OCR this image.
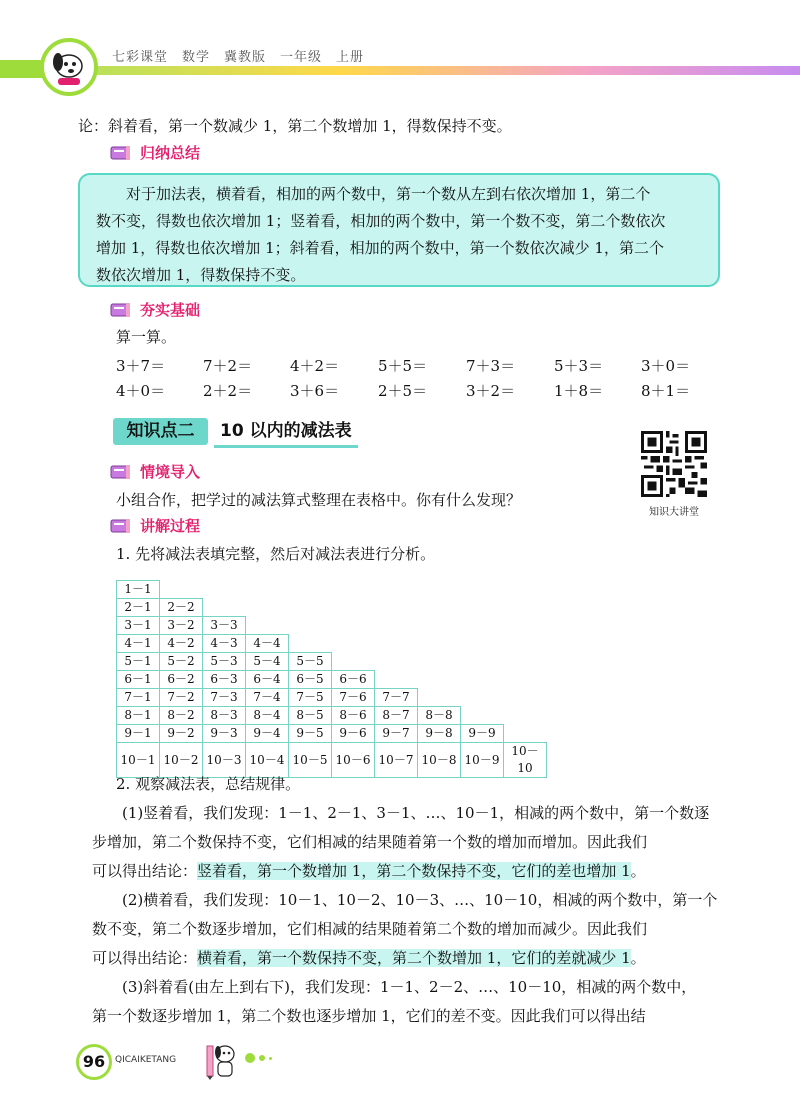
七彩课堂　数学　冀教版　一年级　上册
论：斜着看，第一个数减少 1，第二个数增加 1，得数保持不变。
归纳总结
对于加法表，横着看，相加的两个数中，第一个数从左到右依次增加 1，第二个
数不变，得数也依次增加 1；竖着看，相加的两个数中，第一个数不变，第二个数依次
增加 1，得数也依次增加 1；斜着看，相加的两个数中，第一个数依次减少 1，第二个
数依次增加 1，得数保持不变。
夯实基础
算一算。
3＋7＝	7＋2＝	4＋2＝	5＋5＝	7＋3＝	5＋3＝	3＋0＝
4＋0＝	2＋2＝	3＋6＝	2＋5＝	3＋2＝	1＋8＝	8＋1＝
知识点二	10 以内的减法表
知识大讲堂
情境导入
小组合作，把学过的减法算式整理在表格中。你有什么发现？
讲解过程
1. 先将减法表填完整，然后对减法表进行分析。
1－1									
2－1	2－2								
3－1	3－2	3－3							
4－1	4－2	4－3	4－4						
5－1	5－2	5－3	5－4	5－5					
6－1	6－2	6－3	6－4	6－5	6－6				
7－1	7－2	7－3	7－4	7－5	7－6	7－7			
8－1	8－2	8－3	8－4	8－5	8－6	8－7	8－8		
9－1	9－2	9－3	9－4	9－5	9－6	9－7	9－8	9－9	
10－1	10－2	10－3	10－4	10－5	10－6	10－7	10－8	10－9	10－10
2. 观察减法表，总结规律。
(1)竖着看，我们发现：1－1、2－1、3－1、…、10－1，相减的两个数中，第一个数逐
步增加，第二个数保持不变，它们相减的结果随着第一个数的增加而增加。因此我们
可以得出结论：竖着看，第一个数增加 1，第二个数保持不变，它们的差也增加 1。
(2)横着看，我们发现：10－1、10－2、10－3、…、10－10，相减的两个数中，第一个
数不变，第二个数逐步增加，它们相减的结果随着第二个数的增加而减少。因此我们
可以得出结论：横着看，第一个数保持不变，第二个数增加 1，它们的差就减少 1。
(3)斜着看(由左上到右下)，我们发现：1－1、2－2、…、10－10，相减的两个数中，
第一个数逐步增加 1，第二个数也逐步增加 1，它们的差不变。因此我们可以得出结
96	QICAIKETANG
